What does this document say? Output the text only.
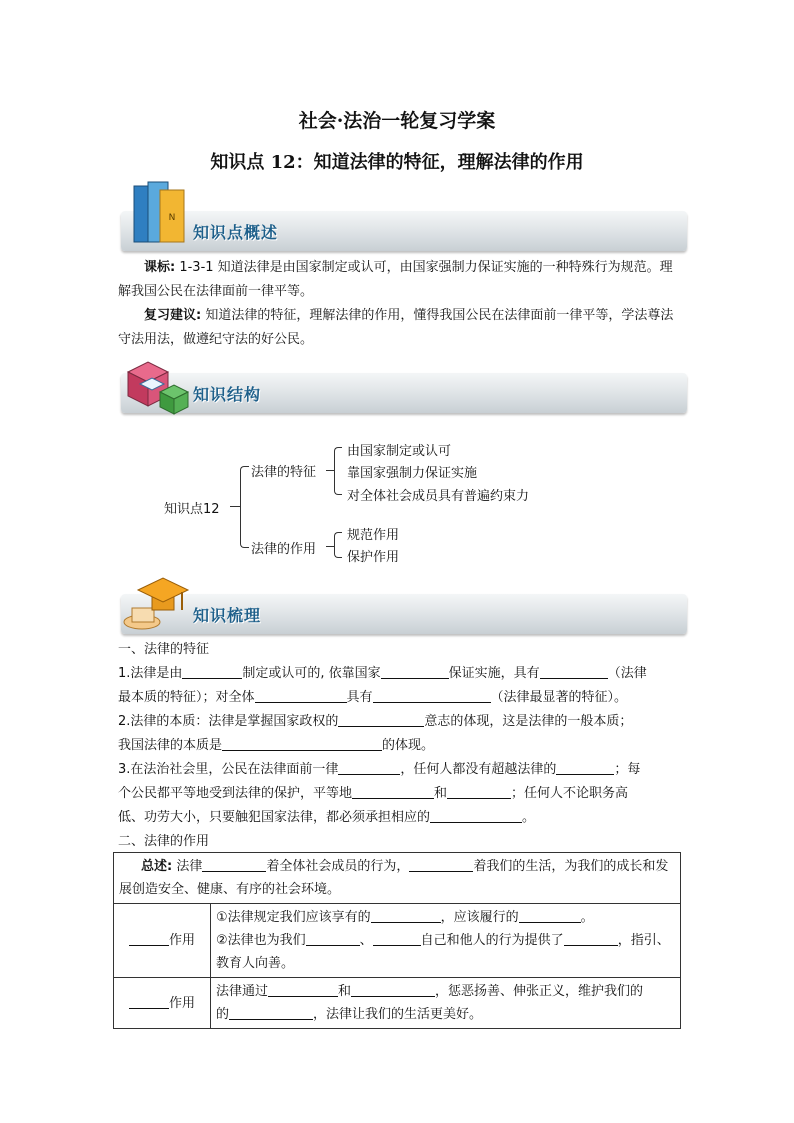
社会·法治一轮复习学案
知识点 12：知道法律的特征，理解法律的作用
知识点概述
N
课标: 1-3-1 知道法律是由国家制定或认可，由国家强制力保证实施的一种特殊行为规范。理解我国公民在法律面前一律平等。
复习建议: 知道法律的特征，理解法律的作用，懂得我国公民在法律面前一律平等，学法尊法守法用法，做遵纪守法的好公民。
知识结构
知识点12
法律的特征
由国家制定或认可
靠国家强制力保证实施
对全体社会成员具有普遍约束力
法律的作用
规范作用
保护作用
知识梳理
一、法律的特征
1.法律是由	制定或认可的, 依靠国家	保证实施，具有	（法律
最本质的特征）；对全体	具有	（法律最显著的特征）。
2.法律的本质：法律是掌握国家政权的	意志的体现，这是法律的一般本质；
我国法律的本质是	的体现。
3.在法治社会里，公民在法律面前一律	，任何人都没有超越法律的	；每
个公民都平等地受到法律的保护，平等地	和	；任何人不论职务高
低、功劳大小，只要触犯国家法律，都必须承担相应的	。
二、法律的作用
总述: 法律 着全体社会成员的行为， 着我们的生活，为我们的成长和发展创造安全、健康、有序的社会环境。	
作用	①法律规定我们应该享有的 ，应该履行的 。
②法律也为我们 、 自己和他人的行为提供了 ，指引、教育人向善。
作用	法律通过 和 ，惩恶扬善、伸张正义，维护我们的
的 ，法律让我们的生活更美好。
